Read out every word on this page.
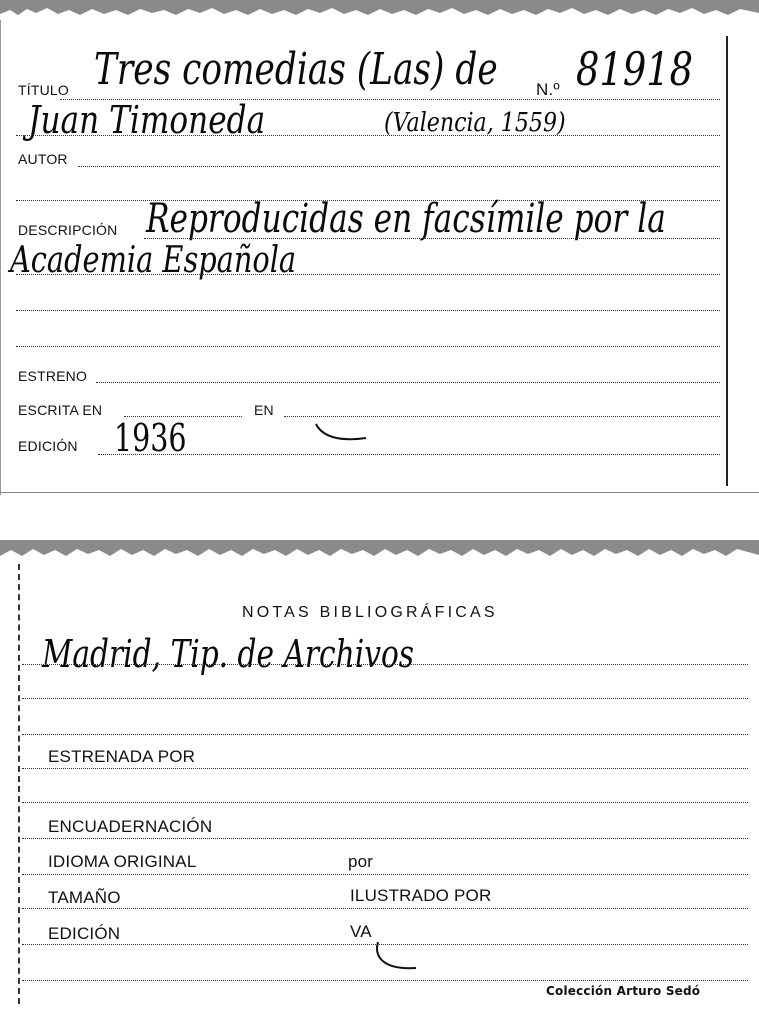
TÍTULO Tres comedias (Las) de N.º 81918
Juan Timoneda	(Valencia, 1559)
AUTOR
DESCRIPCIÓN Reproducidas en facsímile por la
Academia Española
ESTRENO
ESCRITA EN	EN
EDICIÓN 1936
NOTAS BIBLIOGRÁFICAS
Madrid, Tip. de Archivos
ESTRENADA POR
ENCUADERNACIÓN
IDIOMA ORIGINAL	por
TAMAÑO	ILUSTRADO POR
EDICIÓN	VA
Colección Arturo Sedó
